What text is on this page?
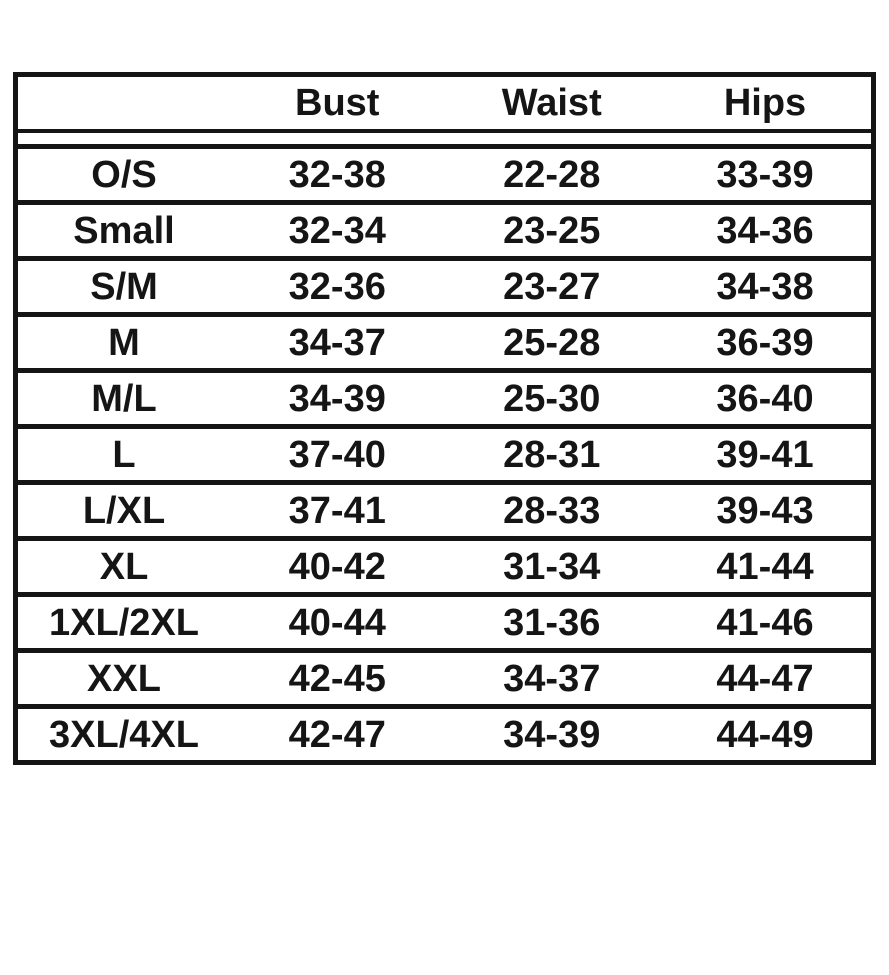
	Bust	Waist	Hips

O/S	32-38	22-28	33-39
Small	32-34	23-25	34-36
S/M	32-36	23-27	34-38
M	34-37	25-28	36-39
M/L	34-39	25-30	36-40
L	37-40	28-31	39-41
L/XL	37-41	28-33	39-43
XL	40-42	31-34	41-44
1XL/2XL	40-44	31-36	41-46
XXL	42-45	34-37	44-47
3XL/4XL	42-47	34-39	44-49
